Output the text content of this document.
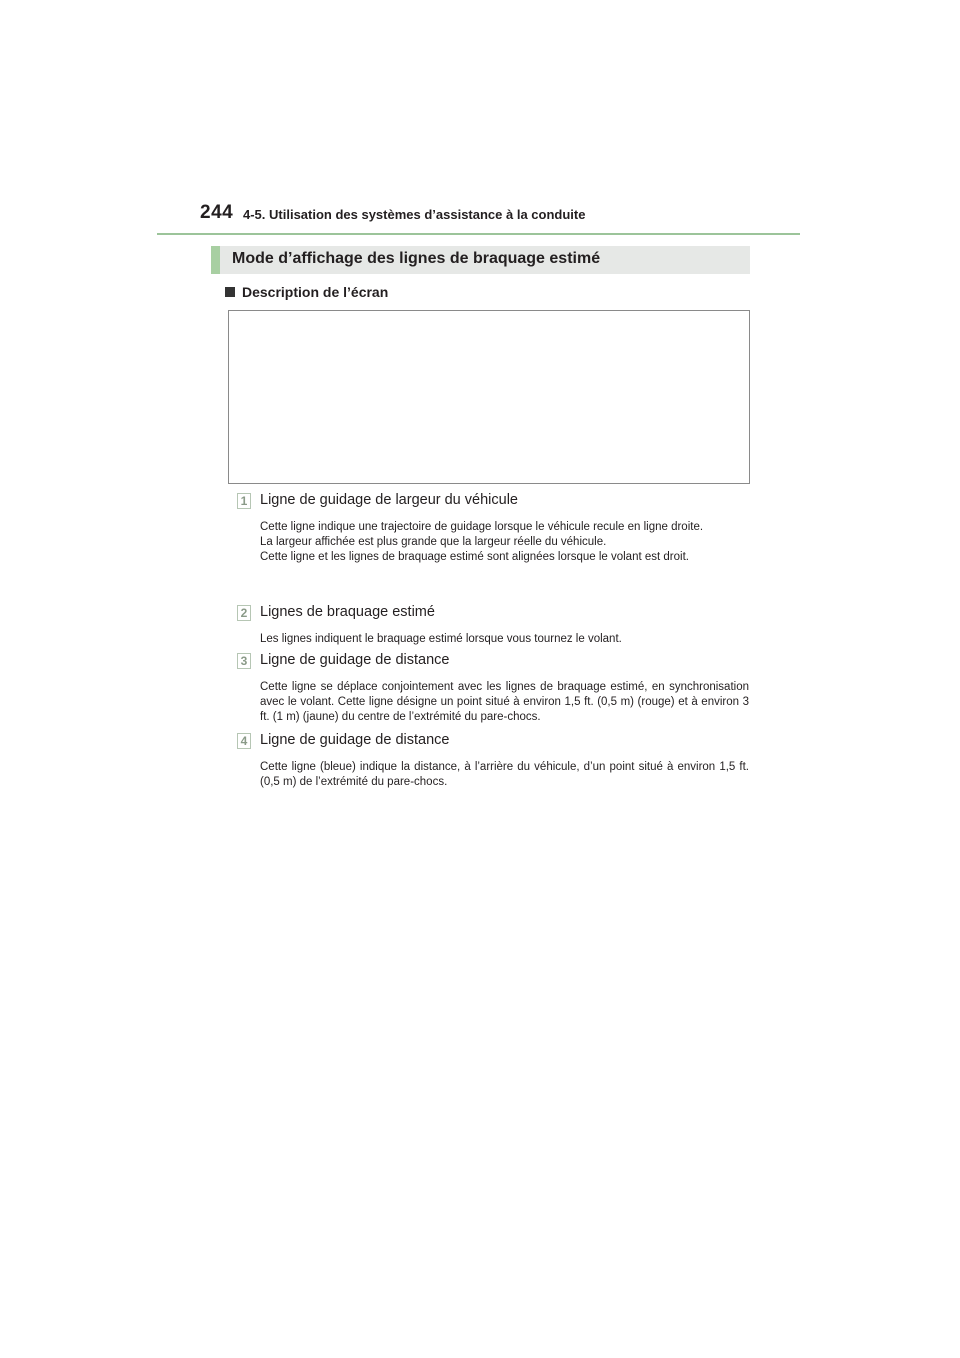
244 4-5. Utilisation des systèmes d’assistance à la conduite
Mode d’affichage des lignes de braquage estimé
Description de l’écran
1 Ligne de guidage de largeur du véhicule

Cette ligne indique une trajectoire de guidage lorsque le véhicule recule en ligne droite.

La largeur affichée est plus grande que la largeur réelle du véhicule.

Cette ligne et les lignes de braquage estimé sont alignées lorsque le volant est droit.

2 Lignes de braquage estimé

Les lignes indiquent le braquage estimé lorsque vous tournez le volant.

3 Ligne de guidage de distance

Cette ligne se déplace conjointement avec les lignes de braquage estimé, en synchronisation avec le volant. Cette ligne désigne un point situé à environ 1,5 ft. (0,5 m) (rouge) et à environ 3 ft. (1 m) (jaune) du centre de l’extrémité du pare-chocs.

4 Ligne de guidage de distance

Cette ligne (bleue) indique la distance, à l’arrière du véhicule, d’un point situé à environ 1,5 ft. (0,5 m) de l’extrémité du pare-chocs.
